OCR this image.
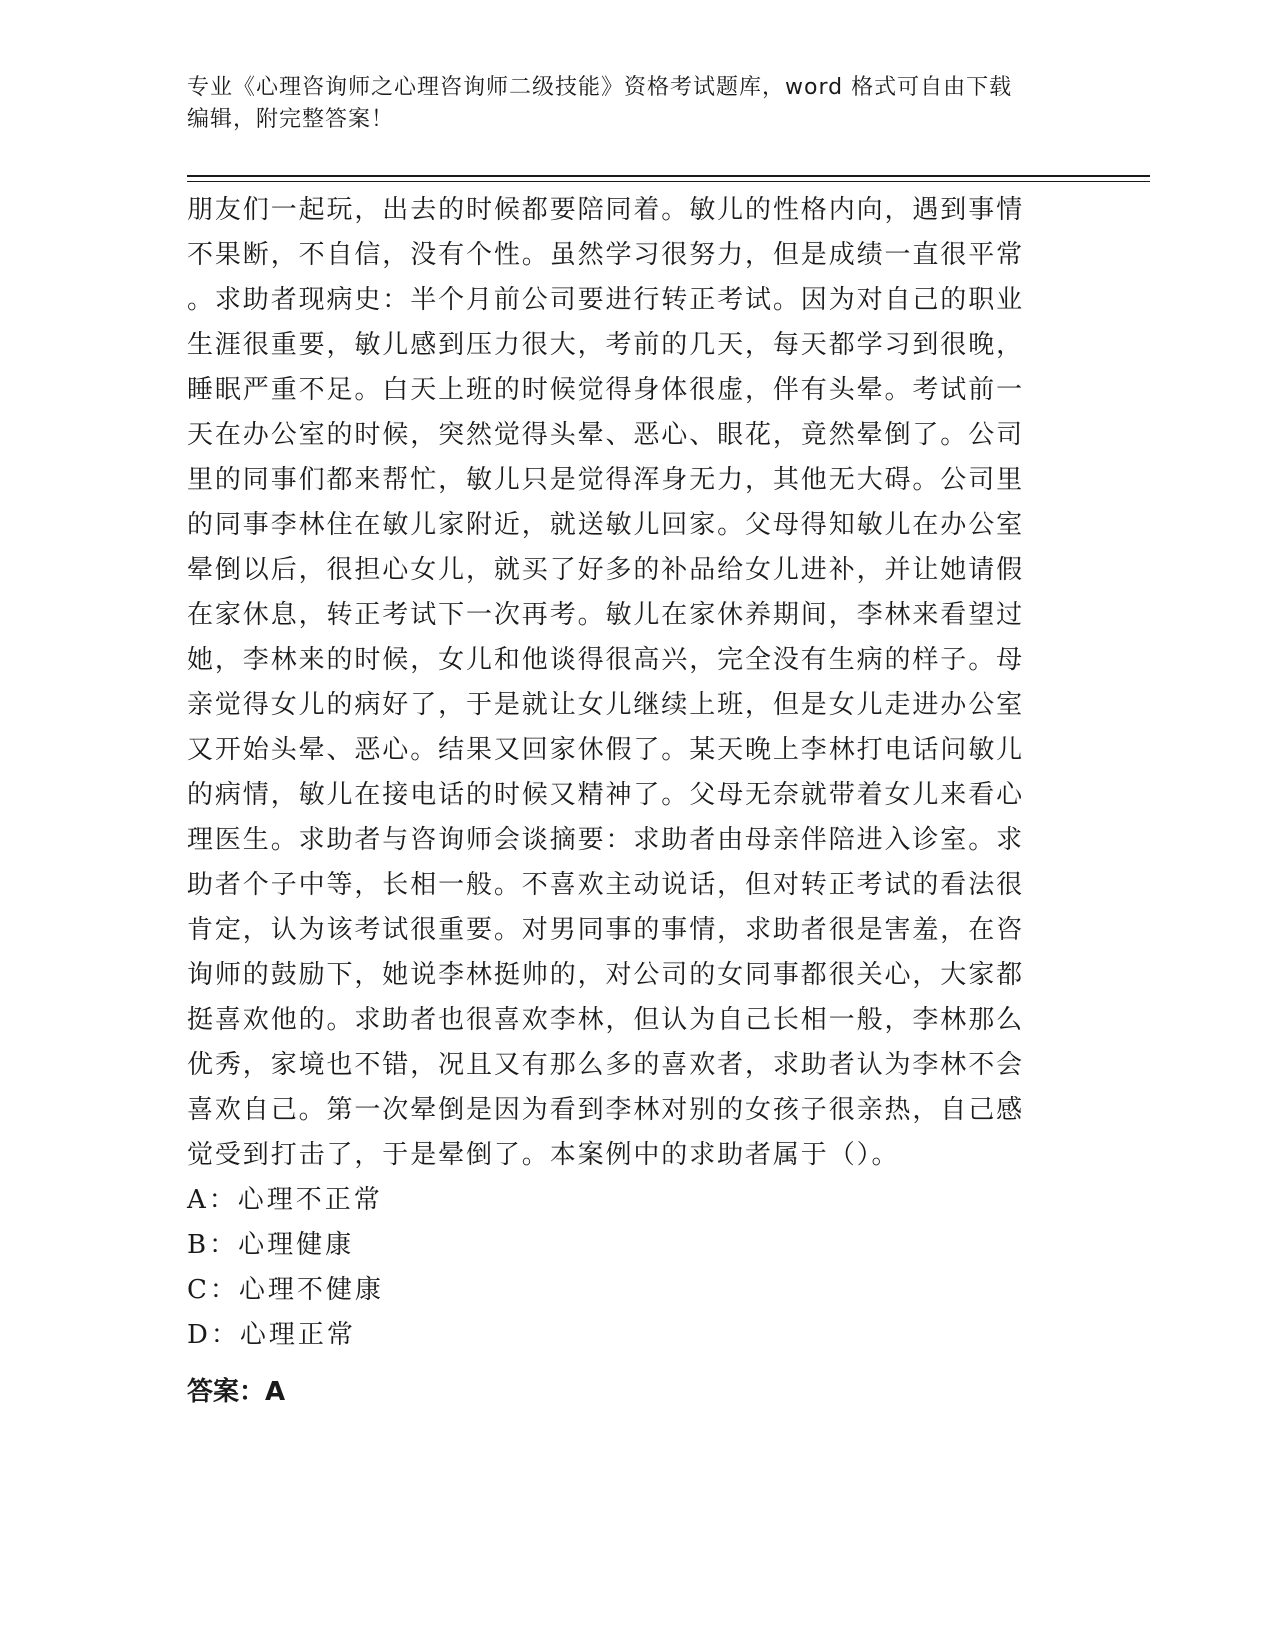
专业《心理咨询师之心理咨询师二级技能》资格考试题库，word 格式可自由下载
编辑，附完整答案！
朋友们一起玩，出去的时候都要陪同着。敏儿的性格内向，遇到事情
不果断，不自信，没有个性。虽然学习很努力，但是成绩一直很平常
。求助者现病史：半个月前公司要进行转正考试。因为对自己的职业
生涯很重要，敏儿感到压力很大，考前的几天，每天都学习到很晚，
睡眠严重不足。白天上班的时候觉得身体很虚，伴有头晕。考试前一
天在办公室的时候，突然觉得头晕、恶心、眼花，竟然晕倒了。公司
里的同事们都来帮忙，敏儿只是觉得浑身无力，其他无大碍。公司里
的同事李林住在敏儿家附近，就送敏儿回家。父母得知敏儿在办公室
晕倒以后，很担心女儿，就买了好多的补品给女儿进补，并让她请假
在家休息，转正考试下一次再考。敏儿在家休养期间，李林来看望过
她，李林来的时候，女儿和他谈得很高兴，完全没有生病的样子。母
亲觉得女儿的病好了，于是就让女儿继续上班，但是女儿走进办公室
又开始头晕、恶心。结果又回家休假了。某天晚上李林打电话问敏儿
的病情，敏儿在接电话的时候又精神了。父母无奈就带着女儿来看心
理医生。求助者与咨询师会谈摘要：求助者由母亲伴陪进入诊室。求
助者个子中等，长相一般。不喜欢主动说话，但对转正考试的看法很
肯定，认为该考试很重要。对男同事的事情，求助者很是害羞，在咨
询师的鼓励下，她说李林挺帅的，对公司的女同事都很关心，大家都
挺喜欢他的。求助者也很喜欢李林，但认为自己长相一般，李林那么
优秀，家境也不错，况且又有那么多的喜欢者，求助者认为李林不会
喜欢自己。第一次晕倒是因为看到李林对别的女孩子很亲热，自己感
觉受到打击了，于是晕倒了。本案例中的求助者属于（）。
A：心理不正常
B：心理健康
C：心理不健康
D：心理正常
答案：A
